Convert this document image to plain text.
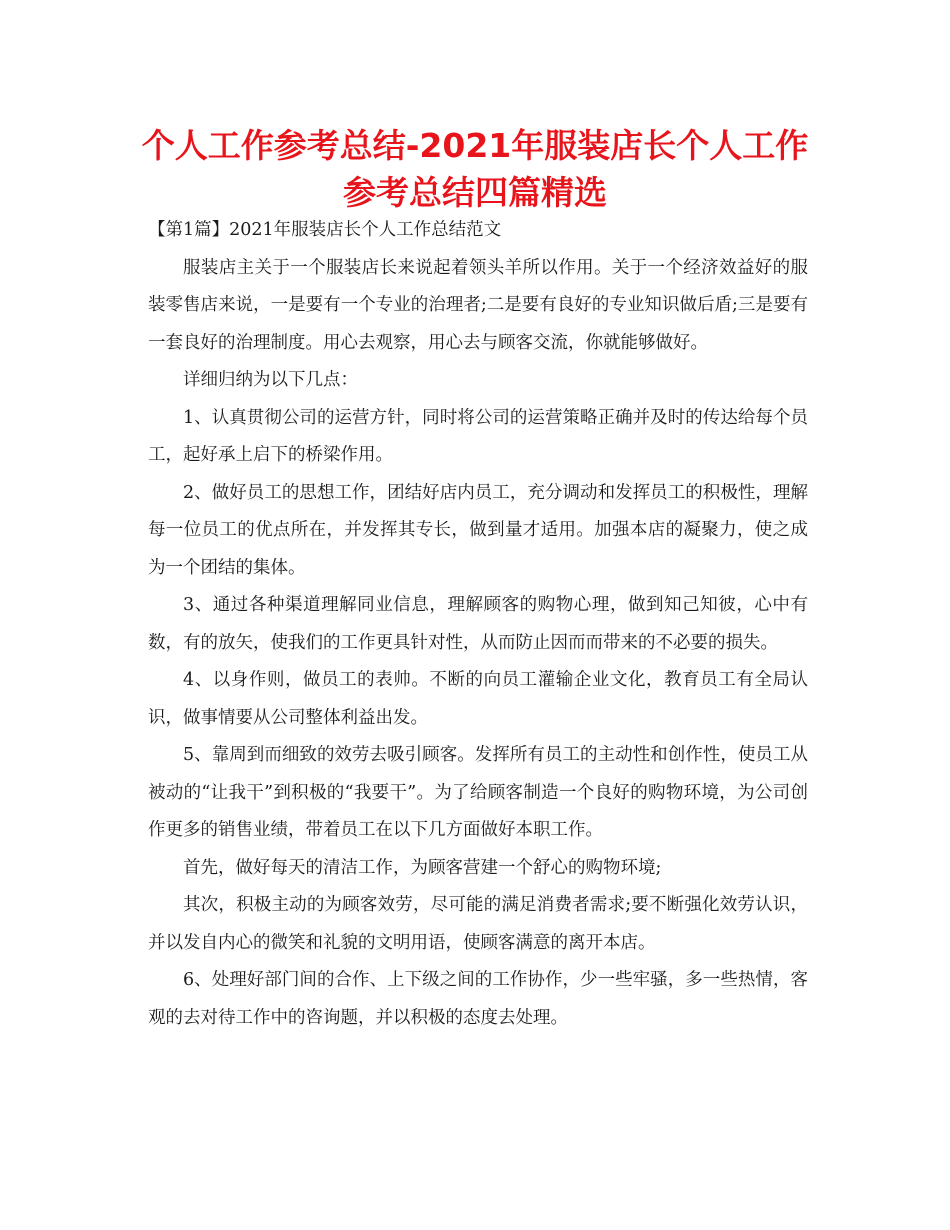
个人工作参考总结-2021年服装店长个人工作参考总结四篇精选

【第1篇】2021年服装店长个人工作总结范文

服装店主关于一个服装店长来说起着领头羊所以作用。关于一个经济效益好的服装零售店来说，一是要有一个专业的治理者;二是要有良好的专业知识做后盾;三是要有一套良好的治理制度。用心去观察，用心去与顾客交流，你就能够做好。

详细归纳为以下几点：

1、认真贯彻公司的运营方针，同时将公司的运营策略正确并及时的传达给每个员工，起好承上启下的桥梁作用。

2、做好员工的思想工作，团结好店内员工，充分调动和发挥员工的积极性，理解每一位员工的优点所在，并发挥其专长，做到量才适用。加强本店的凝聚力，使之成为一个团结的集体。

3、通过各种渠道理解同业信息，理解顾客的购物心理，做到知己知彼，心中有数，有的放矢，使我们的工作更具针对性，从而防止因而而带来的不必要的损失。

4、以身作则，做员工的表帅。不断的向员工灌输企业文化，教育员工有全局认识，做事情要从公司整体利益出发。

5、靠周到而细致的效劳去吸引顾客。发挥所有员工的主动性和创作性，使员工从被动的“让我干”到积极的“我要干”。为了给顾客制造一个良好的购物环境，为公司创作更多的销售业绩，带着员工在以下几方面做好本职工作。

首先，做好每天的清洁工作，为顾客营建一个舒心的购物环境;

其次，积极主动的为顾客效劳，尽可能的满足消费者需求;要不断强化效劳认识，并以发自内心的微笑和礼貌的文明用语，使顾客满意的离开本店。

6、处理好部门间的合作、上下级之间的工作协作，少一些牢骚，多一些热情，客观的去对待工作中的咨询题，并以积极的态度去处理。
